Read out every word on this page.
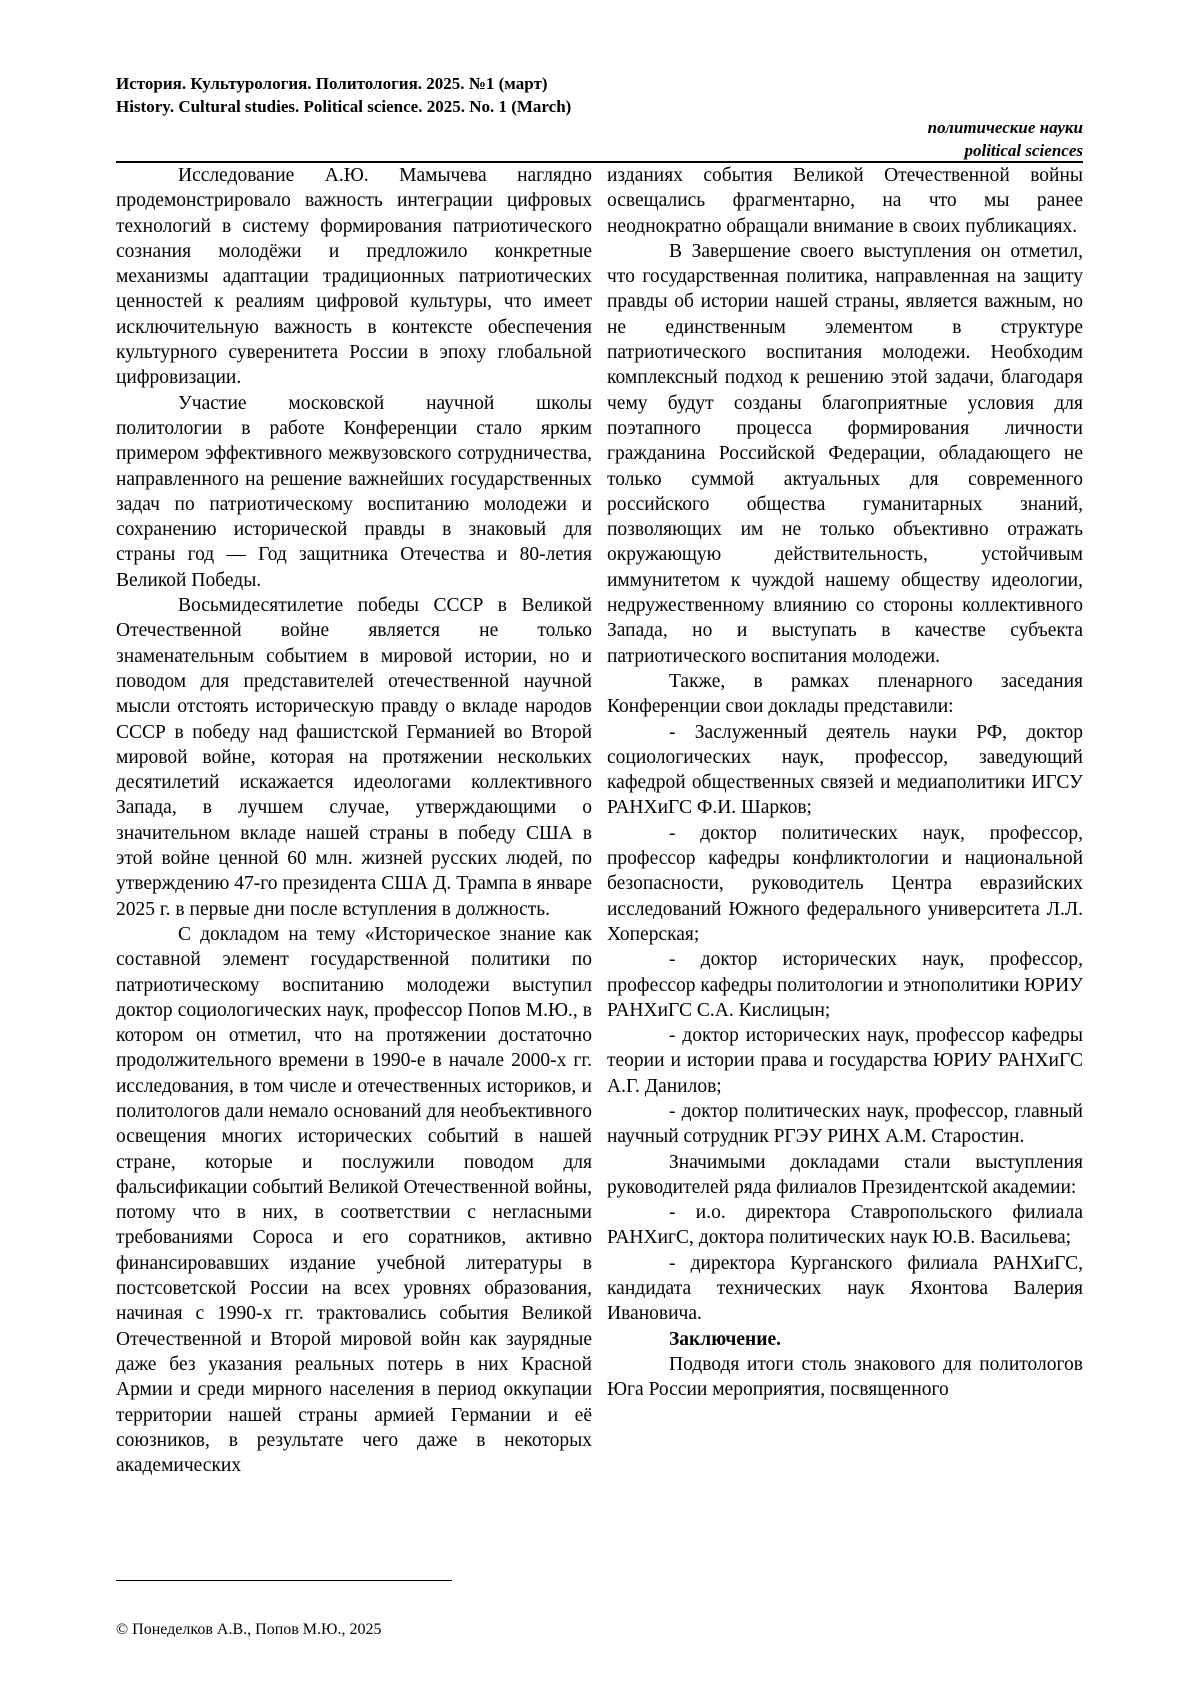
История. Культурология. Политология. 2025. №1 (март)
History. Cultural studies. Political science. 2025. No. 1 (March)
политические науки
political sciences

Исследование А.Ю. Мамычева наглядно продемонстрировало важность интеграции цифровых технологий в систему формирования патриотического сознания молодёжи и предложило конкретные механизмы адаптации традиционных патриотических ценностей к реалиям цифровой культуры, что имеет исключительную важность в контексте обеспечения культурного суверенитета России в эпоху глобальной цифровизации.

Участие московской научной школы политологии в работе Конференции стало ярким примером эффективного межвузовского сотрудничества, направленного на решение важнейших государственных задач по патриотическому воспитанию молодежи и сохранению исторической правды в знаковый для страны год — Год защитника Отечества и 80-летия Великой Победы.

Восьмидесятилетие победы СССР в Великой Отечественной войне является не только знаменательным событием в мировой истории, но и поводом для представителей отечественной научной мысли отстоять историческую правду о вкладе народов СССР в победу над фашистской Германией во Второй мировой войне, которая на протяжении нескольких десятилетий искажается идеологами коллективного Запада, в лучшем случае, утверждающими о значительном вкладе нашей страны в победу США в этой войне ценной 60 млн. жизней русских людей, по утверждению 47-го президента США Д. Трампа в январе 2025 г. в первые дни после вступления в должность.

С докладом на тему «Историческое знание как составной элемент государственной политики по патриотическому воспитанию молодежи выступил доктор социологических наук, профессор Попов М.Ю., в котором он отметил, что на протяжении достаточно продолжительного времени в 1990-е в начале 2000-х гг. исследования, в том числе и отечественных историков, и политологов дали немало оснований для необъективного освещения многих исторических событий в нашей стране, которые и послужили поводом для фальсификации событий Великой Отечественной войны, потому что в них, в соответствии с негласными требованиями Сороса и его соратников, активно финансировавших издание учебной литературы в постсоветской России на всех уровнях образования, начиная с 1990-х гг. трактовались события Великой Отечественной и Второй мировой войн как заурядные даже без указания реальных потерь в них Красной Армии и среди мирного населения в период оккупации территории нашей страны армией Германии и её союзников, в результате чего даже в некоторых академических

изданиях события Великой Отечественной войны освещались фрагментарно, на что мы ранее неоднократно обращали внимание в своих публикациях.

В Завершение своего выступления он отметил, что государственная политика, направленная на защиту правды об истории нашей страны, является важным, но не единственным элементом в структуре патриотического воспитания молодежи. Необходим комплексный подход к решению этой задачи, благодаря чему будут созданы благоприятные условия для поэтапного процесса формирования личности гражданина Российской Федерации, обладающего не только суммой актуальных для современного российского общества гуманитарных знаний, позволяющих им не только объективно отражать окружающую действительность, устойчивым иммунитетом к чуждой нашему обществу идеологии, недружественному влиянию со стороны коллективного Запада, но и выступать в качестве субъекта патриотического воспитания молодежи.

Также, в рамках пленарного заседания Конференции свои доклады представили:

- Заслуженный деятель науки РФ, доктор социологических наук, профессор, заведующий кафедрой общественных связей и медиаполитики ИГСУ РАНХиГС Ф.И. Шарков;

- доктор политических наук, профессор, профессор кафедры конфликтологии и национальной безопасности, руководитель Центра евразийских исследований Южного федерального университета Л.Л. Хоперская;

- доктор исторических наук, профессор, профессор кафедры политологии и этнополитики ЮРИУ РАНХиГС С.А. Кислицын;

- доктор исторических наук, профессор кафедры теории и истории права и государства ЮРИУ РАНХиГС А.Г. Данилов;

- доктор политических наук, профессор, главный научный сотрудник РГЭУ РИНХ А.М. Старостин.

Значимыми докладами стали выступления руководителей ряда филиалов Президентской академии:

- и.о. директора Ставропольского филиала РАНХигС, доктора политических наук Ю.В. Васильева;

- директора Курганского филиала РАНХиГС, кандидата технических наук Яхонтова Валерия Ивановича.

Заключение.

Подводя итоги столь знакового для политологов Юга России мероприятия, посвященного

© Понеделков А.В., Попов М.Ю., 2025
